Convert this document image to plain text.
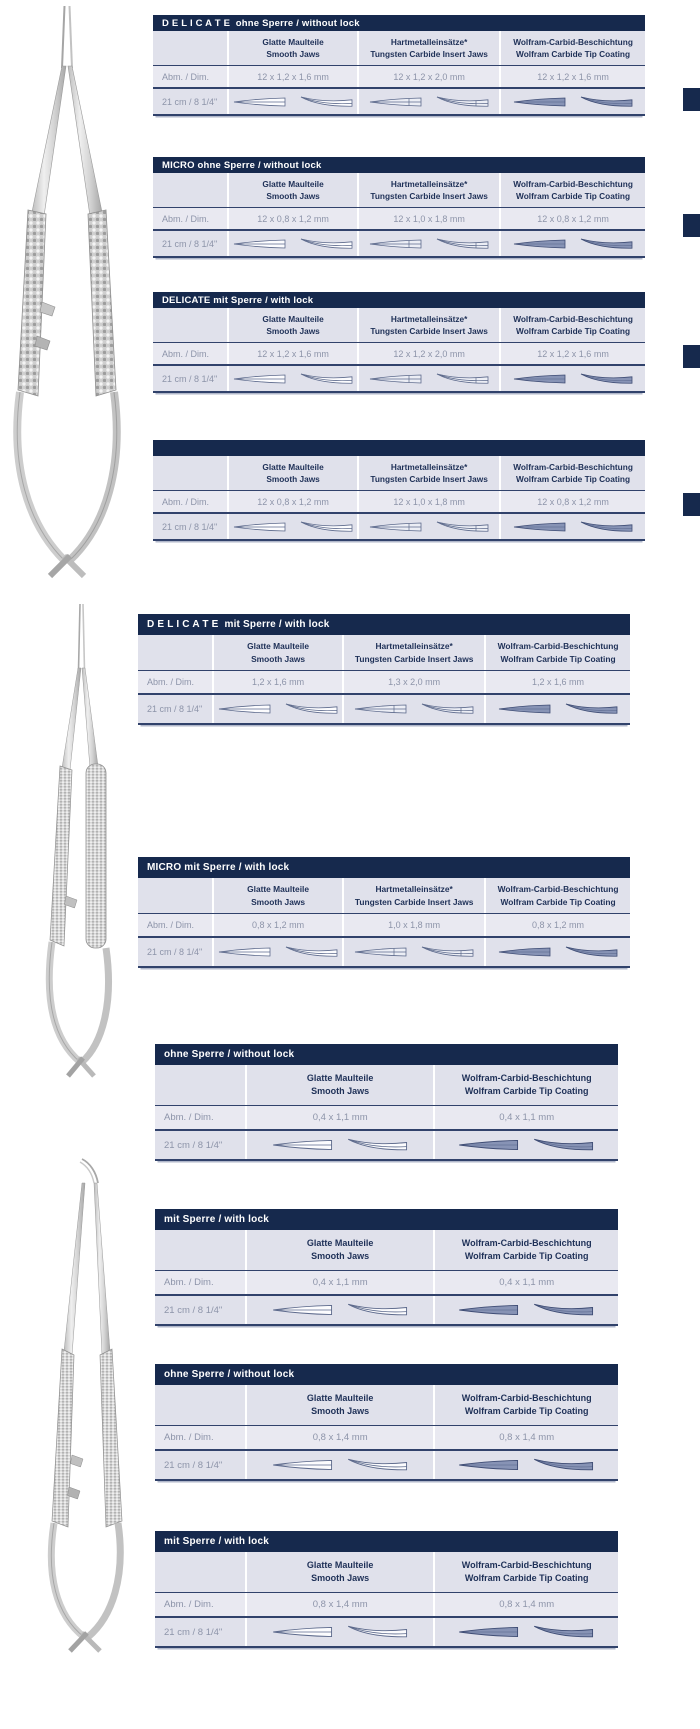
D E L I C A T E  ohne Sperre / without lock
Glatte Maulteile
Smooth Jaws
Hartmetalleinsätze*
Tungsten Carbide Insert Jaws
Wolfram-Carbid-Beschichtung
Wolfram Carbide Tip Coating
Abm. / Dim.	12 x 1,2 x 1,6 mm	12 x 1,2 x 2,0 mm	12 x 1,2 x 1,6 mm
21 cm / 8 1/4"
MICRO ohne Sperre / without lock
Glatte Maulteile
Smooth Jaws
Hartmetalleinsätze*
Tungsten Carbide Insert Jaws
Wolfram-Carbid-Beschichtung
Wolfram Carbide Tip Coating
Abm. / Dim.	12 x 0,8 x 1,2 mm	12 x 1,0 x 1,8 mm	12 x 0,8 x 1,2 mm
21 cm / 8 1/4"
DELICATE mit Sperre / with lock
Glatte Maulteile
Smooth Jaws
Hartmetalleinsätze*
Tungsten Carbide Insert Jaws
Wolfram-Carbid-Beschichtung
Wolfram Carbide Tip Coating
Abm. / Dim.	12 x 1,2 x 1,6 mm	12 x 1,2 x 2,0 mm	12 x 1,2 x 1,6 mm
21 cm / 8 1/4"
Glatte Maulteile
Smooth Jaws
Hartmetalleinsätze*
Tungsten Carbide Insert Jaws
Wolfram-Carbid-Beschichtung
Wolfram Carbide Tip Coating
Abm. / Dim.	12 x 0,8 x 1,2 mm	12 x 1,0 x 1,8 mm	12 x 0,8 x 1,2 mm
21 cm / 8 1/4"
D E L I C A T E  mit Sperre / with lock
Glatte Maulteile
Smooth Jaws
Hartmetalleinsätze*
Tungsten Carbide Insert Jaws
Wolfram-Carbid-Beschichtung
Wolfram Carbide Tip Coating
Abm. / Dim.	1,2 x 1,6 mm	1,3 x 2,0 mm	1,2 x 1,6 mm
21 cm / 8 1/4"
MICRO mit Sperre / with lock
Glatte Maulteile
Smooth Jaws
Hartmetalleinsätze*
Tungsten Carbide Insert Jaws
Wolfram-Carbid-Beschichtung
Wolfram Carbide Tip Coating
Abm. / Dim.	0,8 x 1,2 mm	1,0 x 1,8 mm	0,8 x 1,2 mm
21 cm / 8 1/4"
ohne Sperre / without lock
Glatte Maulteile
Smooth Jaws
Wolfram-Carbid-Beschichtung
Wolfram Carbide Tip Coating
Abm. / Dim.	0,4 x 1,1 mm	0,4 x 1,1 mm
21 cm / 8 1/4"
mit Sperre / with lock
Glatte Maulteile
Smooth Jaws
Wolfram-Carbid-Beschichtung
Wolfram Carbide Tip Coating
Abm. / Dim.	0,4 x 1,1 mm	0,4 x 1,1 mm
21 cm / 8 1/4"
ohne Sperre / without lock
Glatte Maulteile
Smooth Jaws
Wolfram-Carbid-Beschichtung
Wolfram Carbide Tip Coating
Abm. / Dim.	0,8 x 1,4 mm	0,8 x 1,4 mm
21 cm / 8 1/4"
mit Sperre / with lock
Glatte Maulteile
Smooth Jaws
Wolfram-Carbid-Beschichtung
Wolfram Carbide Tip Coating
Abm. / Dim.	0,8 x 1,4 mm	0,8 x 1,4 mm
21 cm / 8 1/4"
